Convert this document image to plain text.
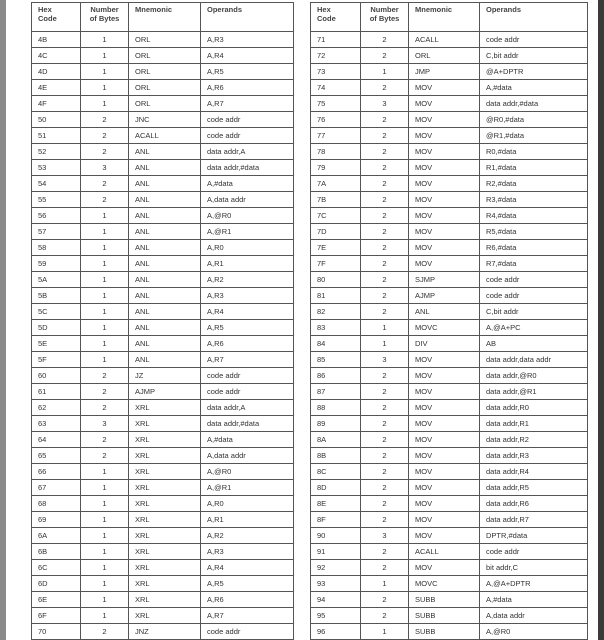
Hex
Code	Number
of Bytes	Mnemonic	Operands
4B	1	ORL	A,R3
4C	1	ORL	A,R4
4D	1	ORL	A,R5
4E	1	ORL	A,R6
4F	1	ORL	A,R7
50	2	JNC	code addr
51	2	ACALL	code addr
52	2	ANL	data addr,A
53	3	ANL	data addr,#data
54	2	ANL	A,#data
55	2	ANL	A,data addr
56	1	ANL	A,@R0
57	1	ANL	A,@R1
58	1	ANL	A,R0
59	1	ANL	A,R1
5A	1	ANL	A,R2
5B	1	ANL	A,R3
5C	1	ANL	A,R4
5D	1	ANL	A,R5
5E	1	ANL	A,R6
5F	1	ANL	A,R7
60	2	JZ	code addr
61	2	AJMP	code addr
62	2	XRL	data addr,A
63	3	XRL	data addr,#data
64	2	XRL	A,#data
65	2	XRL	A,data addr
66	1	XRL	A,@R0
67	1	XRL	A,@R1
68	1	XRL	A,R0
69	1	XRL	A,R1
6A	1	XRL	A,R2
6B	1	XRL	A,R3
6C	1	XRL	A,R4
6D	1	XRL	A,R5
6E	1	XRL	A,R6
6F	1	XRL	A,R7
70	2	JNZ	code addr
Hex
Code	Number
of Bytes	Mnemonic	Operands
71	2	ACALL	code addr
72	2	ORL	C,bit addr
73	1	JMP	@A+DPTR
74	2	MOV	A,#data
75	3	MOV	data addr,#data
76	2	MOV	@R0,#data
77	2	MOV	@R1,#data
78	2	MOV	R0,#data
79	2	MOV	R1,#data
7A	2	MOV	R2,#data
7B	2	MOV	R3,#data
7C	2	MOV	R4,#data
7D	2	MOV	R5,#data
7E	2	MOV	R6,#data
7F	2	MOV	R7,#data
80	2	SJMP	code addr
81	2	AJMP	code addr
82	2	ANL	C,bit addr
83	1	MOVC	A,@A+PC
84	1	DIV	AB
85	3	MOV	data addr,data addr
86	2	MOV	data addr,@R0
87	2	MOV	data addr,@R1
88	2	MOV	data addr,R0
89	2	MOV	data addr,R1
8A	2	MOV	data addr,R2
8B	2	MOV	data addr,R3
8C	2	MOV	data addr,R4
8D	2	MOV	data addr,R5
8E	2	MOV	data addr,R6
8F	2	MOV	data addr,R7
90	3	MOV	DPTR,#data
91	2	ACALL	code addr
92	2	MOV	bit addr,C
93	1	MOVC	A,@A+DPTR
94	2	SUBB	A,#data
95	2	SUBB	A,data addr
96	1	SUBB	A,@R0
